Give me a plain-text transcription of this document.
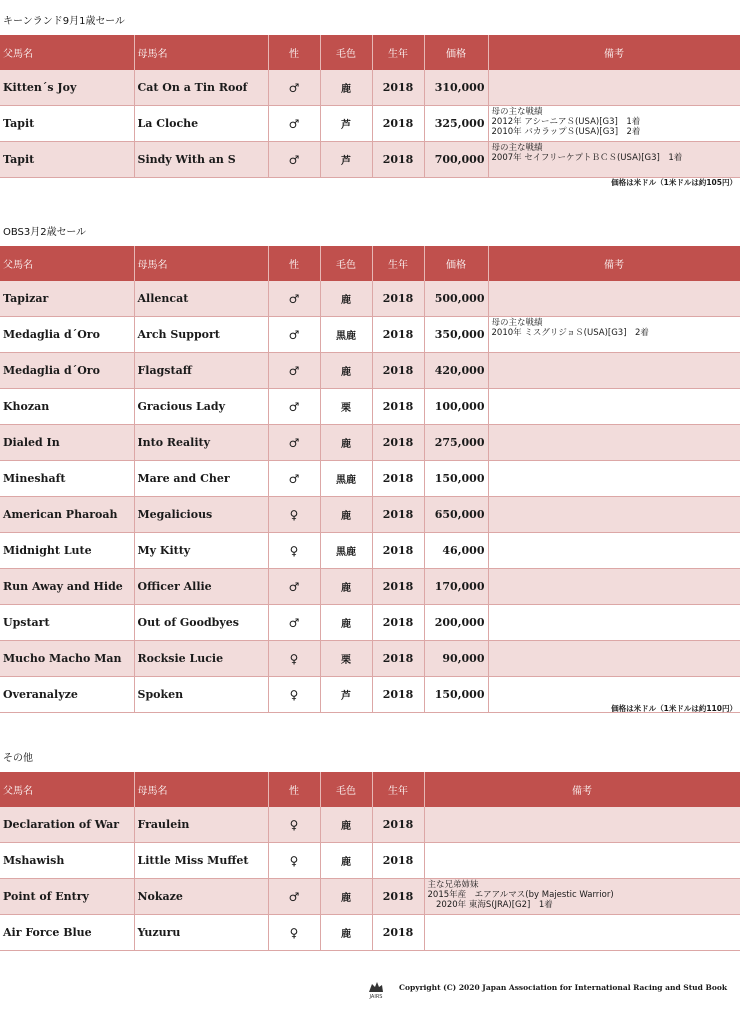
キーンランド9月1歳セール
父馬名	母馬名	性	毛色	生年	価格	備考
Kitten´s Joy	Cat On a Tin Roof	♂	鹿	2018	310,000	
Tapit	La Cloche	♂	芦	2018	325,000	母の主な戦績
2012年 アシーニアＳ(USA)[G3]　1着
2010年 バカラップＳ(USA)[G3]　2着

Tapit	Sindy With an S	♂	芦	2018	700,000	母の主な戦績
2007年 セイフリーケプトＢＣＳ(USA)[G3]　1着
価格は米ドル（1米ドルは約105円）
OBS3月2歳セール
父馬名	母馬名	性	毛色	生年	価格	備考
Tapizar	Allencat	♂	鹿	2018	500,000	
Medaglia d´Oro	Arch Support	♂	黒鹿	2018	350,000	母の主な戦績
2010年 ミスグリジョＳ(USA)[G3]　2着

Medaglia d´Oro	Flagstaff	♂	鹿	2018	420,000	
Khozan	Gracious Lady	♂	栗	2018	100,000	
Dialed In	Into Reality	♂	鹿	2018	275,000	
Mineshaft	Mare and Cher	♂	黒鹿	2018	150,000	
American Pharoah	Megalicious	♀	鹿	2018	650,000	
Midnight Lute	My Kitty	♀	黒鹿	2018	46,000	
Run Away and Hide	Officer Allie	♂	鹿	2018	170,000	
Upstart	Out of Goodbyes	♂	鹿	2018	200,000	
Mucho Macho Man	Rocksie Lucie	♀	栗	2018	90,000	
Overanalyze	Spoken	♀	芦	2018	150,000	
価格は米ドル（1米ドルは約110円）
その他
父馬名	母馬名	性	毛色	生年	備考
Declaration of War	Fraulein	♀	鹿	2018	
Mshawish	Little Miss Muffet	♀	鹿	2018	
Point of Entry	Nokaze	♂	鹿	2018	主な兄弟姉妹
2015年産　エアアルマス(by Majestic Warrior)
　2020年 東海S(JRA)[G2]　1着

Air Force Blue	Yuzuru	♀	鹿	2018	
JAIRS
Copyright (C) 2020 Japan Association for International Racing and Stud Book
